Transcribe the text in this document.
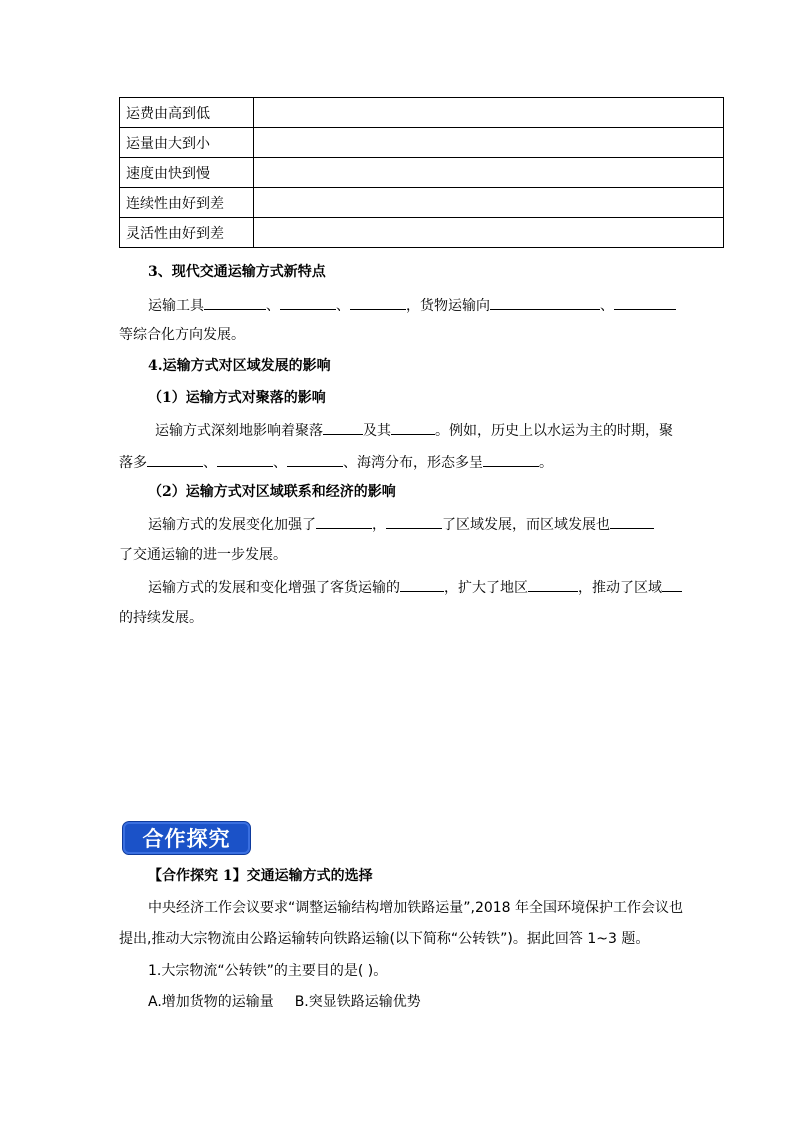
运费由高到低	
运量由大到小	
速度由快到慢	
连续性由好到差	
灵活性由好到差	
3、现代交通运输方式新特点
运输工具	、	、	，货物运输向	、
等综合化方向发展。
4.运输方式对区域发展的影响
（1）运输方式对聚落的影响
运输方式深刻地影响着聚落	及其	。例如，历史上以水运为主的时期，聚
落多	、	、	、海湾分布，形态多呈	。
（2）运输方式对区域联系和经济的影响
运输方式的发展变化加强了	，	了区域发展，而区域发展也
了交通运输的进一步发展。
运输方式的发展和变化增强了客货运输的	，扩大了地区	，推动了区域
的持续发展。
合作探究
【合作探究 1】交通运输方式的选择
中央经济工作会议要求“调整运输结构增加铁路运量”,2018 年全国环境保护工作会议也
提出,推动大宗物流由公路运输转向铁路运输(以下简称“公转铁”)。据此回答 1~3 题。
1.大宗物流“公转铁”的主要目的是( )。
A.增加货物的运输量 B.突显铁路运输优势
